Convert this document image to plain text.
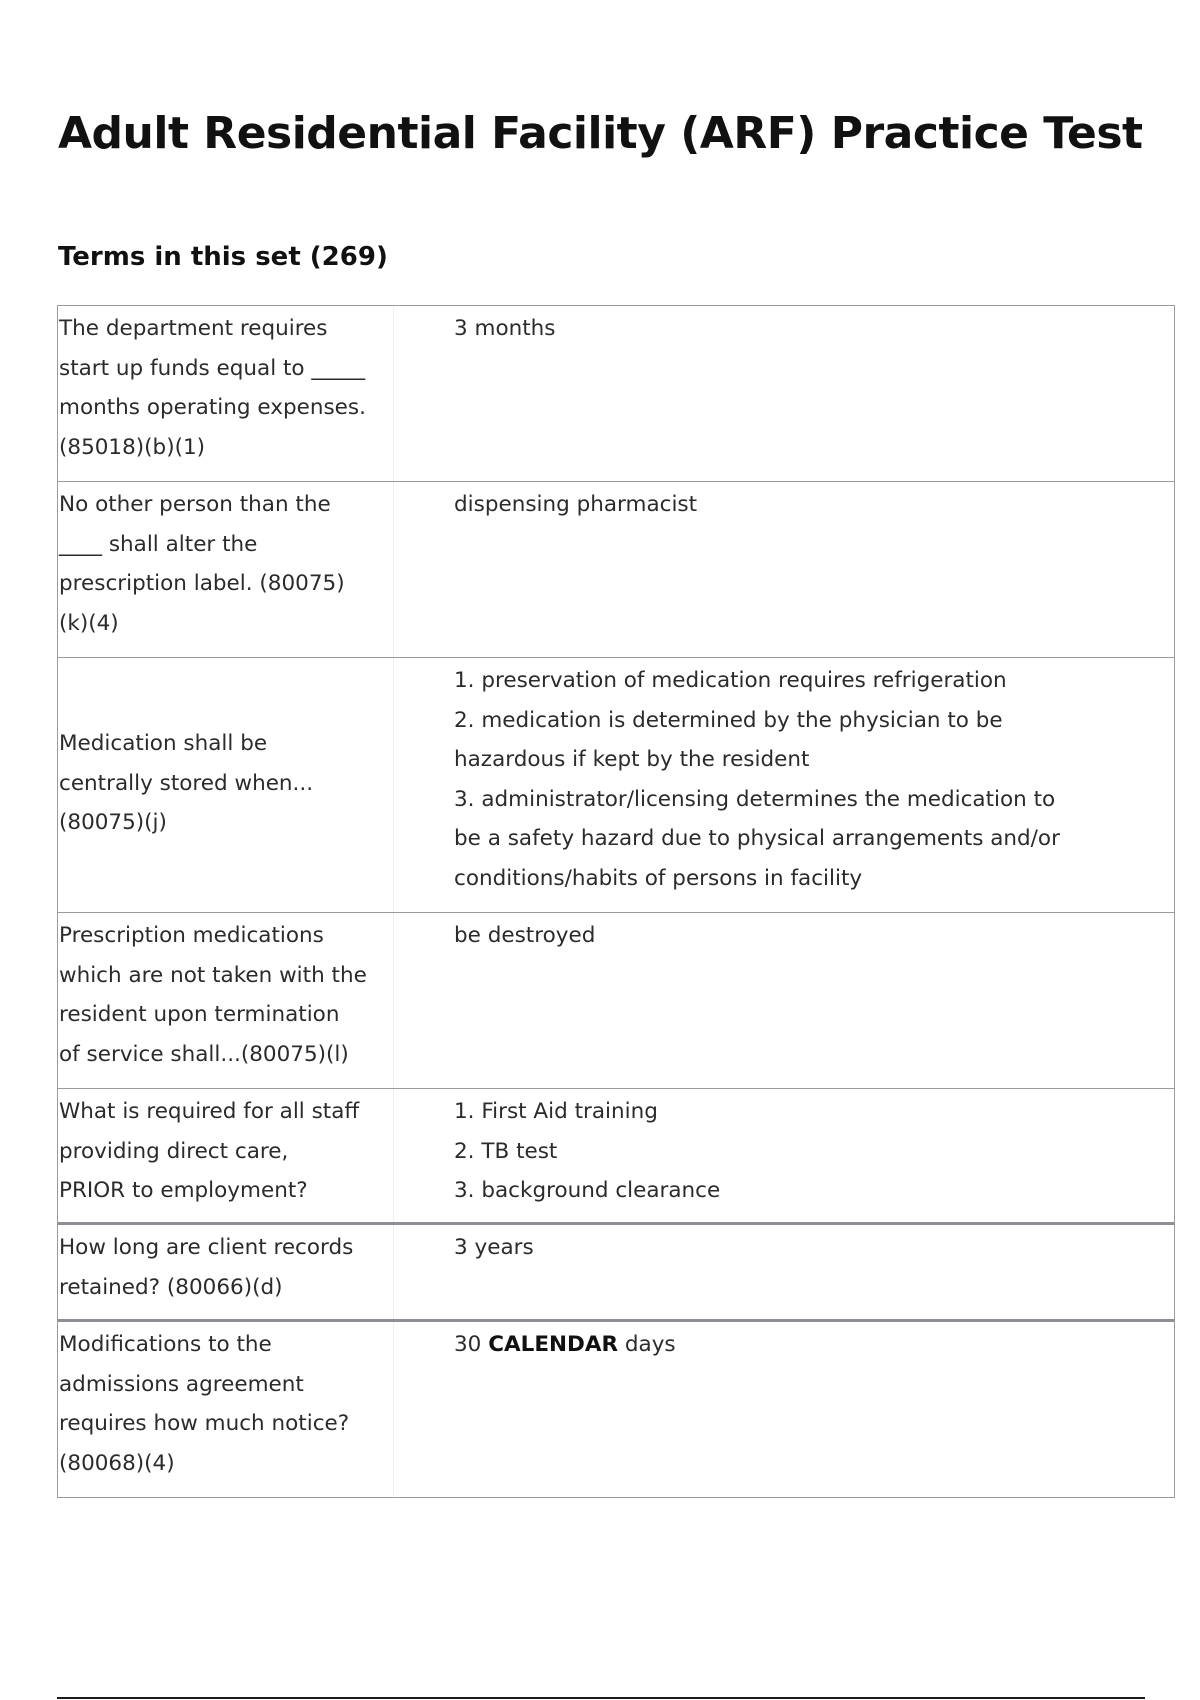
Adult Residential Facility (ARF) Practice Test
Terms in this set (269)
The department requires
start up funds equal to _____
months operating expenses.
(85018)(b)(1)
3 months
No other person than the
____ shall alter the
prescription label. (80075)
(k)(4)
dispensing pharmacist
Medication shall be
centrally stored when...
(80075)(j)
1. preservation of medication requires refrigeration
2. medication is determined by the physician to be
hazardous if kept by the resident
3. administrator/licensing determines the medication to
be a safety hazard due to physical arrangements and/or
conditions/habits of persons in facility
Prescription medications
which are not taken with the
resident upon termination
of service shall...(80075)(l)
be destroyed
What is required for all staff
providing direct care,
PRIOR to employment?
1. First Aid training
2. TB test
3. background clearance
How long are client records
retained? (80066)(d)
3 years
Modifications to the
admissions agreement
requires how much notice?
(80068)(4)
30 CALENDAR days
